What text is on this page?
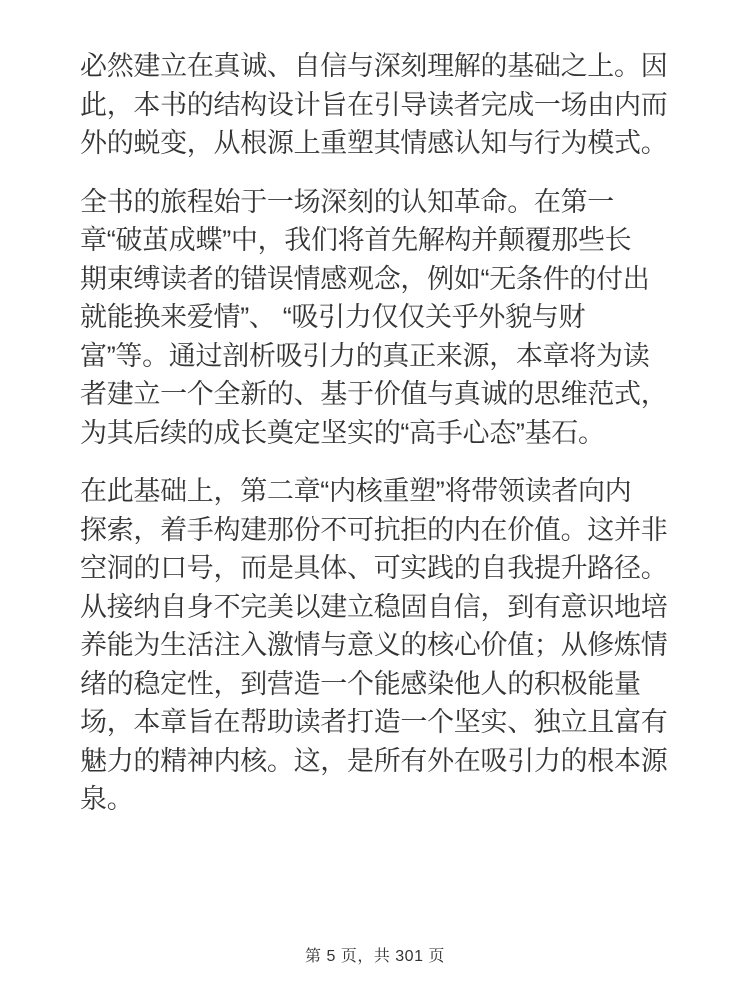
必然建立在真诚、自信与深刻理解的基础之上。因
此，本书的结构设计旨在引导读者完成一场由内而
外的蜕变，从根源上重塑其情感认知与行为模式。
全书的旅程始于一场深刻的认知革命。在第一
章“破茧成蝶”中，我们将首先解构并颠覆那些长
期束缚读者的错误情感观念，例如“无条件的付出
就能换来爱情”、 “吸引力仅仅关乎外貌与财
富”等。通过剖析吸引力的真正来源，本章将为读
者建立一个全新的、基于价值与真诚的思维范式，
为其后续的成长奠定坚实的“高手心态”基石。
在此基础上，第二章“内核重塑”将带领读者向内
探索，着手构建那份不可抗拒的内在价值。这并非
空洞的口号，而是具体、可实践的自我提升路径。
从接纳自身不完美以建立稳固自信，到有意识地培
养能为生活注入激情与意义的核心价值；从修炼情
绪的稳定性，到营造一个能感染他人的积极能量
场，本章旨在帮助读者打造一个坚实、独立且富有
魅力的精神内核。这，是所有外在吸引力的根本源
泉。
第 5 页，共 301 页
